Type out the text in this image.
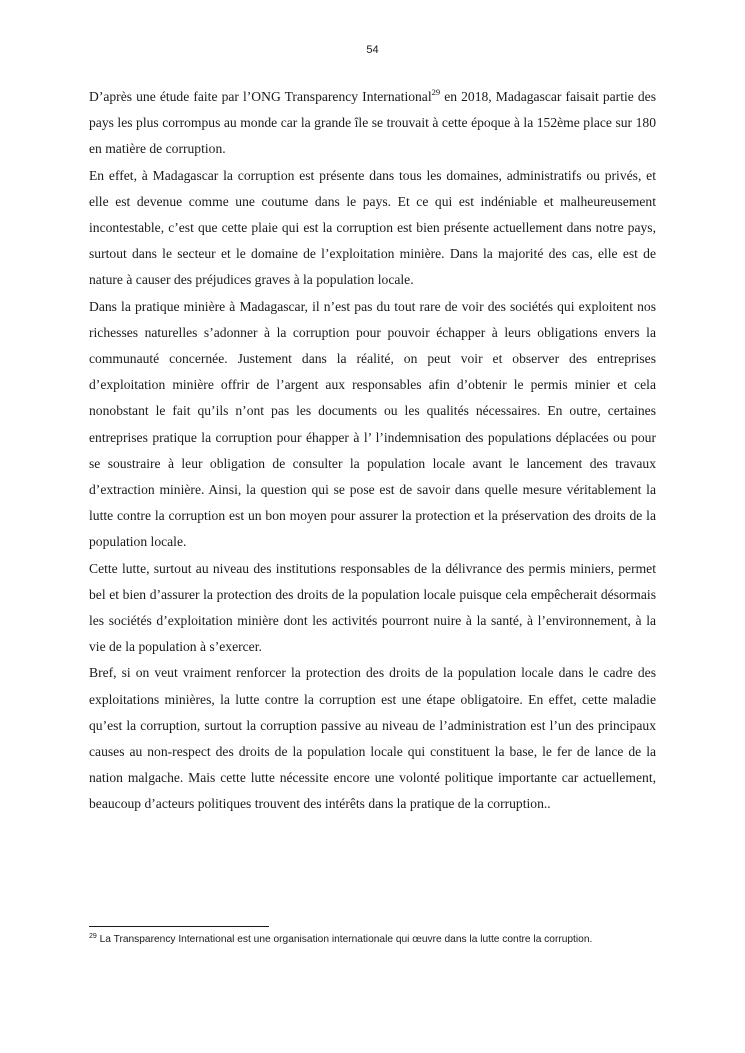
54

D’après une étude faite par l’ONG Transparency International$^{29}$ en 2018, Madagascar faisait partie des pays les plus corrompus au monde car la grande île se trouvait à cette époque à la 152ème place sur 180 en matière de corruption.

En effet, à Madagascar la corruption est présente dans tous les domaines, administratifs ou privés, et elle est devenue comme une coutume dans le pays. Et ce qui est indéniable et malheureusement incontestable, c’est que cette plaie qui est la corruption est bien présente actuellement dans notre pays, surtout dans le secteur et le domaine de l’exploitation minière. Dans la majorité des cas, elle est de nature à causer des préjudices graves à la population locale.

Dans la pratique minière à Madagascar, il n’est pas du tout rare de voir des sociétés qui exploitent nos richesses naturelles s’adonner à la corruption pour pouvoir échapper à leurs obligations envers la communauté concernée. Justement dans la réalité, on peut voir et observer des entreprises d’exploitation minière offrir de l’argent aux responsables afin d’obtenir le permis minier et cela nonobstant le fait qu’ils n’ont pas les documents ou les qualités nécessaires. En outre, certaines entreprises pratique la corruption pour éhapper à l’ l’indemnisation des populations déplacées ou pour se soustraire à leur obligation de consulter la population locale avant le lancement des travaux d’extraction minière. Ainsi, la question qui se pose est de savoir dans quelle mesure véritablement la lutte contre la corruption est un bon moyen pour assurer la protection et la préservation des droits de la population locale.

Cette lutte, surtout au niveau des institutions responsables de la délivrance des permis miniers, permet bel et bien d’assurer la protection des droits de la population locale puisque cela empêcherait désormais les sociétés d’exploitation minière dont les activités pourront nuire à la santé, à l’environnement, à la vie de la population à s’exercer.

Bref, si on veut vraiment renforcer la protection des droits de la population locale dans le cadre des exploitations minières, la lutte contre la corruption est une étape obligatoire. En effet, cette maladie qu’est la corruption, surtout la corruption passive au niveau de l’administration est l’un des principaux causes au non-respect des droits de la population locale qui constituent la base, le fer de lance de la nation malgache. Mais cette lutte nécessite encore une volonté politique importante car actuellement, beaucoup d’acteurs politiques trouvent des intérêts dans la pratique de la corruption..

$^{29}$ La Transparency International est une organisation internationale qui œuvre dans la lutte contre la corruption.
